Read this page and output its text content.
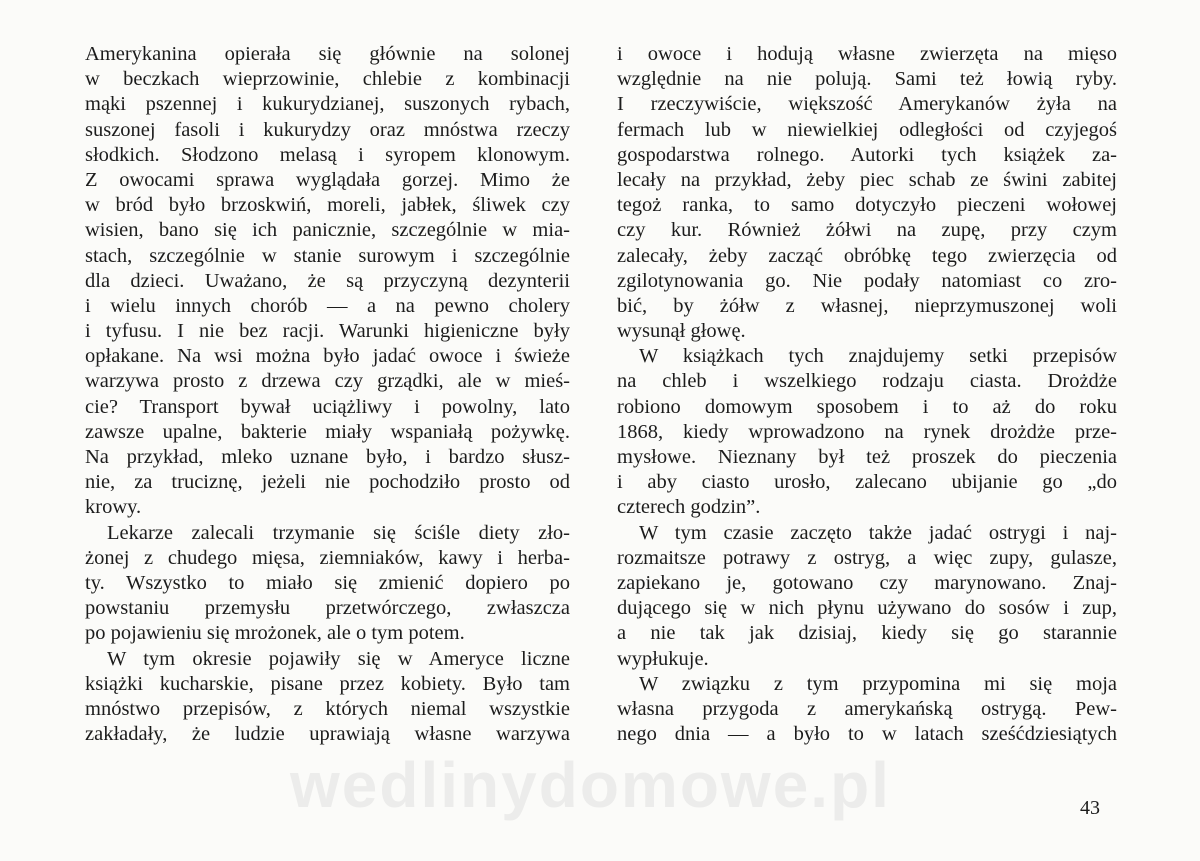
Amerykanina opierała się głównie na solonej
w beczkach wieprzowinie, chlebie z kombinacji
mąki pszennej i kukurydzianej, suszonych rybach,
suszonej fasoli i kukurydzy oraz mnóstwa rzeczy
słodkich. Słodzono melasą i syropem klonowym.
Z owocami sprawa wyglądała gorzej. Mimo że
w bród było brzoskwiń, moreli, jabłek, śliwek czy
wisien, bano się ich panicznie, szczególnie w mia-
stach, szczególnie w stanie surowym i szczególnie
dla dzieci. Uważano, że są przyczyną dezynterii
i wielu innych chorób — a na pewno cholery
i tyfusu. I nie bez racji. Warunki higieniczne były
opłakane. Na wsi można było jadać owoce i świeże
warzywa prosto z drzewa czy grządki, ale w mieś-
cie? Transport bywał uciążliwy i powolny, lato
zawsze upalne, bakterie miały wspaniałą pożywkę.
Na przykład, mleko uznane było, i bardzo słusz-
nie, za truciznę, jeżeli nie pochodziło prosto od
krowy.
Lekarze zalecali trzymanie się ściśle diety zło-
żonej z chudego mięsa, ziemniaków, kawy i herba-
ty. Wszystko to miało się zmienić dopiero po
powstaniu przemysłu przetwórczego, zwłaszcza
po pojawieniu się mrożonek, ale o tym potem.
W tym okresie pojawiły się w Ameryce liczne
książki kucharskie, pisane przez kobiety. Było tam
mnóstwo przepisów, z których niemal wszystkie
zakładały, że ludzie uprawiają własne warzywa
i owoce i hodują własne zwierzęta na mięso
względnie na nie polują. Sami też łowią ryby.
I rzeczywiście, większość Amerykanów żyła na
fermach lub w niewielkiej odległości od czyjegoś
gospodarstwa rolnego. Autorki tych książek za-
lecały na przykład, żeby piec schab ze świni zabitej
tegoż ranka, to samo dotyczyło pieczeni wołowej
czy kur. Również żółwi na zupę, przy czym
zalecały, żeby zacząć obróbkę tego zwierzęcia od
zgilotynowania go. Nie podały natomiast co zro-
bić, by żółw z własnej, nieprzymuszonej woli
wysunął głowę.
W książkach tych znajdujemy setki przepisów
na chleb i wszelkiego rodzaju ciasta. Drożdże
robiono domowym sposobem i to aż do roku
1868, kiedy wprowadzono na rynek drożdże prze-
mysłowe. Nieznany był też proszek do pieczenia
i aby ciasto urosło, zalecano ubijanie go „do
czterech godzin”.
W tym czasie zaczęto także jadać ostrygi i naj-
rozmaitsze potrawy z ostryg, a więc zupy, gulasze,
zapiekano je, gotowano czy marynowano. Znaj-
dującego się w nich płynu używano do sosów i zup,
a nie tak jak dzisiaj, kiedy się go starannie
wypłukuje.
W związku z tym przypomina mi się moja
własna przygoda z amerykańską ostrygą. Pew-
nego dnia — a było to w latach sześćdziesiątych
wedlinydomowe.pl	43
